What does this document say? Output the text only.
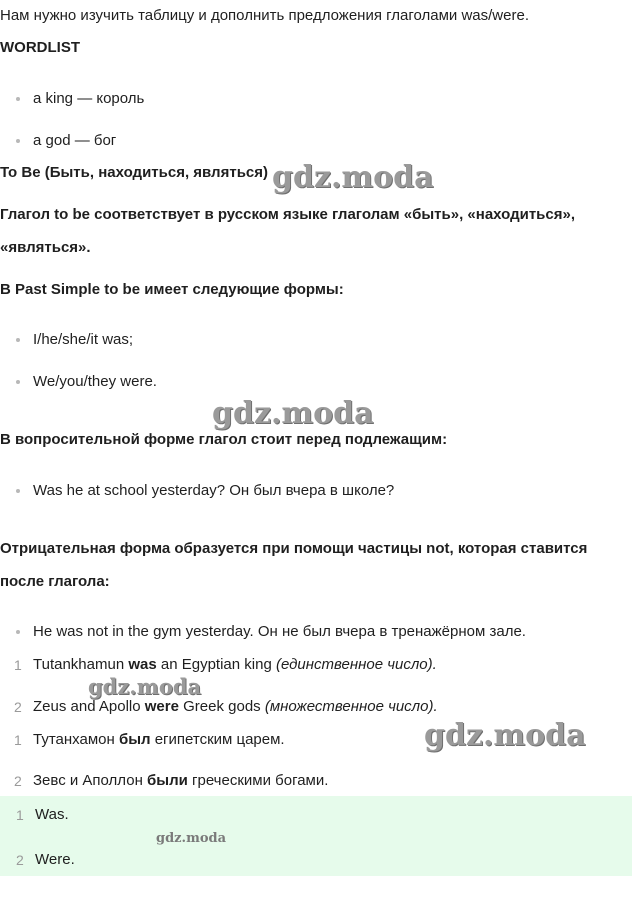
Нам нужно изучить таблицу и дополнить предложения глаголами was/were.
WORDLIST
a king — король
a god — бог
To Be (Быть, находиться, являться)
Глагол to be соответствует в русском языке глаголам «быть», «находиться»,
«являться».
В Past Simple to be имеет следующие формы:
I/he/she/it was;
We/you/they were.
В вопросительной форме глагол стоит перед подлежащим:
Was he at school yesterday? Он был вчера в школе?
Отрицательная форма образуется при помощи частицы not, которая ставится
после глагола:
He was not in the gym yesterday. Он не был вчера в тренажёрном зале.
1 Tutankhamun was an Egyptian king (единственное число).
2 Zeus and Apollo were Greek gods (множественное число).
1 Тутанхамон был египетским царем.
2 Зевс и Аполлон были греческими богами.
1 Was.
2 Were.
gdz.moda
gdz.moda
gdz.moda
gdz.moda
gdz.moda
